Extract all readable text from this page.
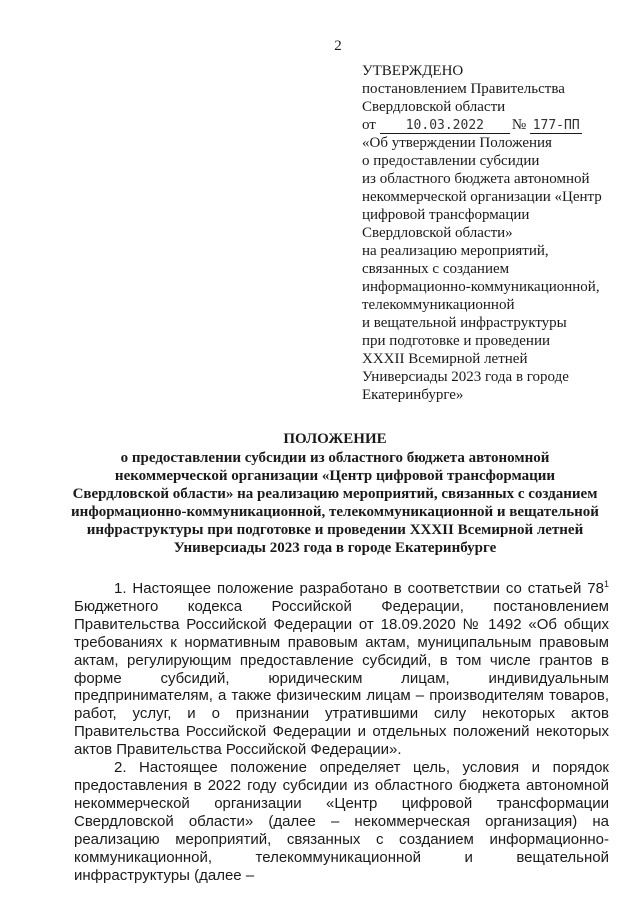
2
УТВЕРЖДЕНО
постановлением Правительства
Свердловской области
от	10.03.2022	№ 177-ПП
«Об утверждении Положения
о предоставлении субсидии
из областного бюджета автономной
некоммерческой организации «Центр
цифровой трансформации
Свердловской области»
на реализацию мероприятий,
связанных с созданием
информационно-коммуникационной,
телекоммуникационной
и вещательной инфраструктуры
при подготовке и проведении
XXXII Всемирной летней
Универсиады 2023 года в городе
Екатеринбурге»
ПОЛОЖЕНИЕ
о предоставлении субсидии из областного бюджета автономной
некоммерческой организации «Центр цифровой трансформации
Свердловской области» на реализацию мероприятий, связанных с созданием
информационно-коммуникационной, телекоммуникационной и вещательной
инфраструктуры при подготовке и проведении XXXII Всемирной летней
Универсиады 2023 года в городе Екатеринбурге

1. Настоящее положение разработано в соответствии со статьей $78^1$ Бюджетного кодекса Российской Федерации, постановлением Правительства Российской Федерации от 18.09.2020 № 1492 «Об общих требованиях к нормативным правовым актам, муниципальным правовым актам, регулирующим предоставление субсидий, в том числе грантов в форме субсидий, юридическим лицам, индивидуальным предпринимателям, а также физическим лицам – производителям товаров, работ, услуг, и о признании утратившими силу некоторых актов Правительства Российской Федерации и отдельных положений некоторых актов Правительства Российской Федерации».

2. Настоящее положение определяет цель, условия и порядок предоставления в 2022 году субсидии из областного бюджета автономной некоммерческой организации «Центр цифровой трансформации Свердловской области» (далее – некоммерческая организация) на реализацию мероприятий, связанных с созданием информационно-коммуникационной, телекоммуникационной и вещательной инфраструктуры (далее –
